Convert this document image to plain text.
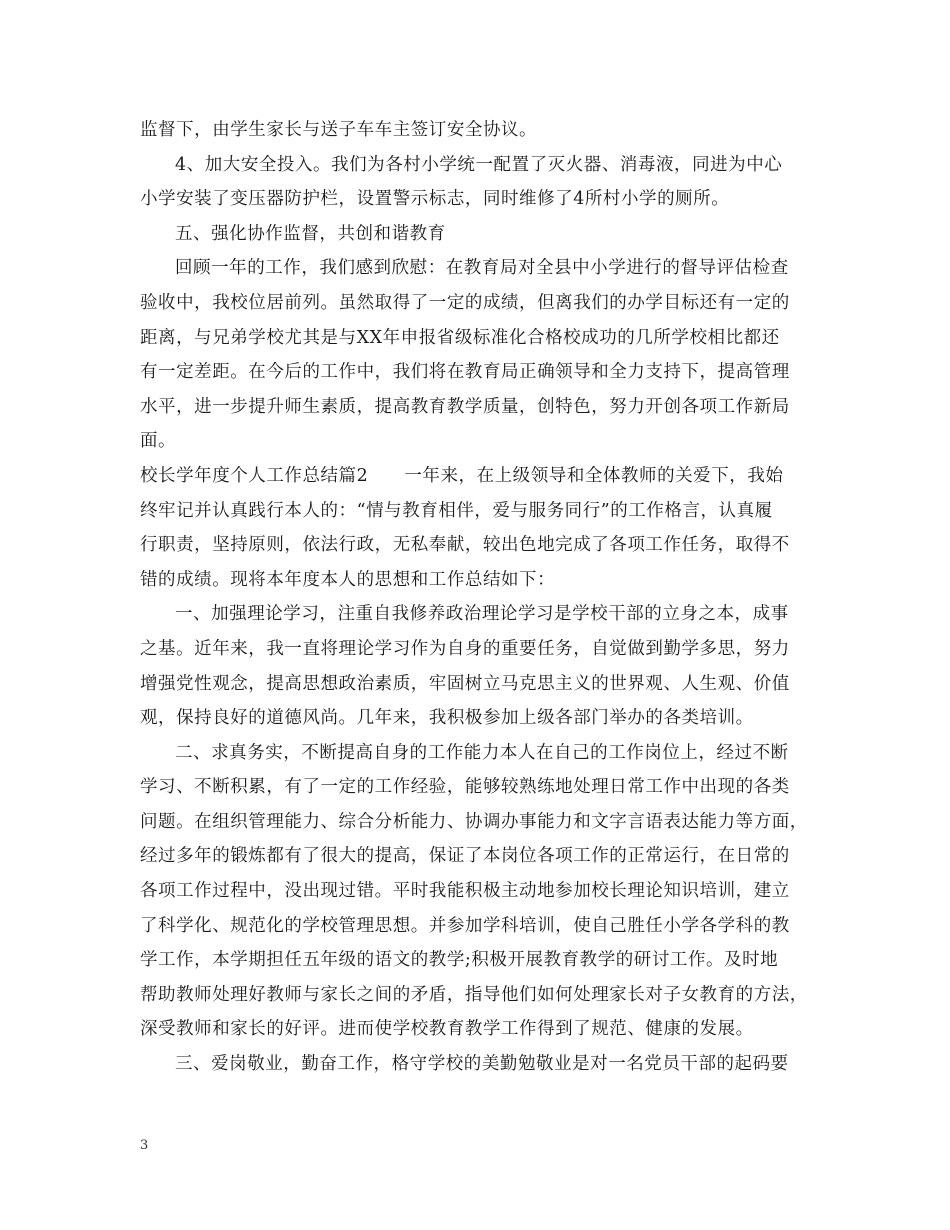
监督下，由学生家长与送子车车主签订安全协议。
4、加大安全投入。我们为各村小学统一配置了灭火器、消毒液，同进为中心
小学安装了变压器防护栏，设置警示标志，同时维修了4所村小学的厕所。
五、强化协作监督，共创和谐教育
回顾一年的工作，我们感到欣慰：在教育局对全县中小学进行的督导评估检查
验收中，我校位居前列。虽然取得了一定的成绩，但离我们的办学目标还有一定的
距离，与兄弟学校尤其是与XX年申报省级标准化合格校成功的几所学校相比都还
有一定差距。在今后的工作中，我们将在教育局正确领导和全力支持下，提高管理
水平，进一步提升师生素质，提高教育教学质量，创特色，努力开创各项工作新局
面。
校长学年度个人工作总结篇2　　一年来，在上级领导和全体教师的关爱下，我始
终牢记并认真践行本人的：“情与教育相伴，爱与服务同行”的工作格言，认真履
行职责，坚持原则，依法行政，无私奉献，较出色地完成了各项工作任务，取得不
错的成绩。现将本年度本人的思想和工作总结如下：
一、加强理论学习，注重自我修养政治理论学习是学校干部的立身之本，成事
之基。近年来，我一直将理论学习作为自身的重要任务，自觉做到勤学多思，努力
增强党性观念，提高思想政治素质，牢固树立马克思主义的世界观、人生观、价值
观，保持良好的道德风尚。几年来，我积极参加上级各部门举办的各类培训。
二、求真务实，不断提高自身的工作能力本人在自己的工作岗位上，经过不断
学习、不断积累，有了一定的工作经验，能够较熟练地处理日常工作中出现的各类
问题。在组织管理能力、综合分析能力、协调办事能力和文字言语表达能力等方面，
经过多年的锻炼都有了很大的提高，保证了本岗位各项工作的正常运行，在日常的
各项工作过程中，没出现过错。平时我能积极主动地参加校长理论知识培训，建立
了科学化、规范化的学校管理思想。并参加学科培训，使自己胜任小学各学科的教
学工作，本学期担任五年级的语文的教学;积极开展教育教学的研讨工作。及时地
帮助教师处理好教师与家长之间的矛盾，指导他们如何处理家长对子女教育的方法，
深受教师和家长的好评。进而使学校教育教学工作得到了规范、健康的发展。
三、爱岗敬业，勤奋工作，格守学校的美勤勉敬业是对一名党员干部的起码要
3
